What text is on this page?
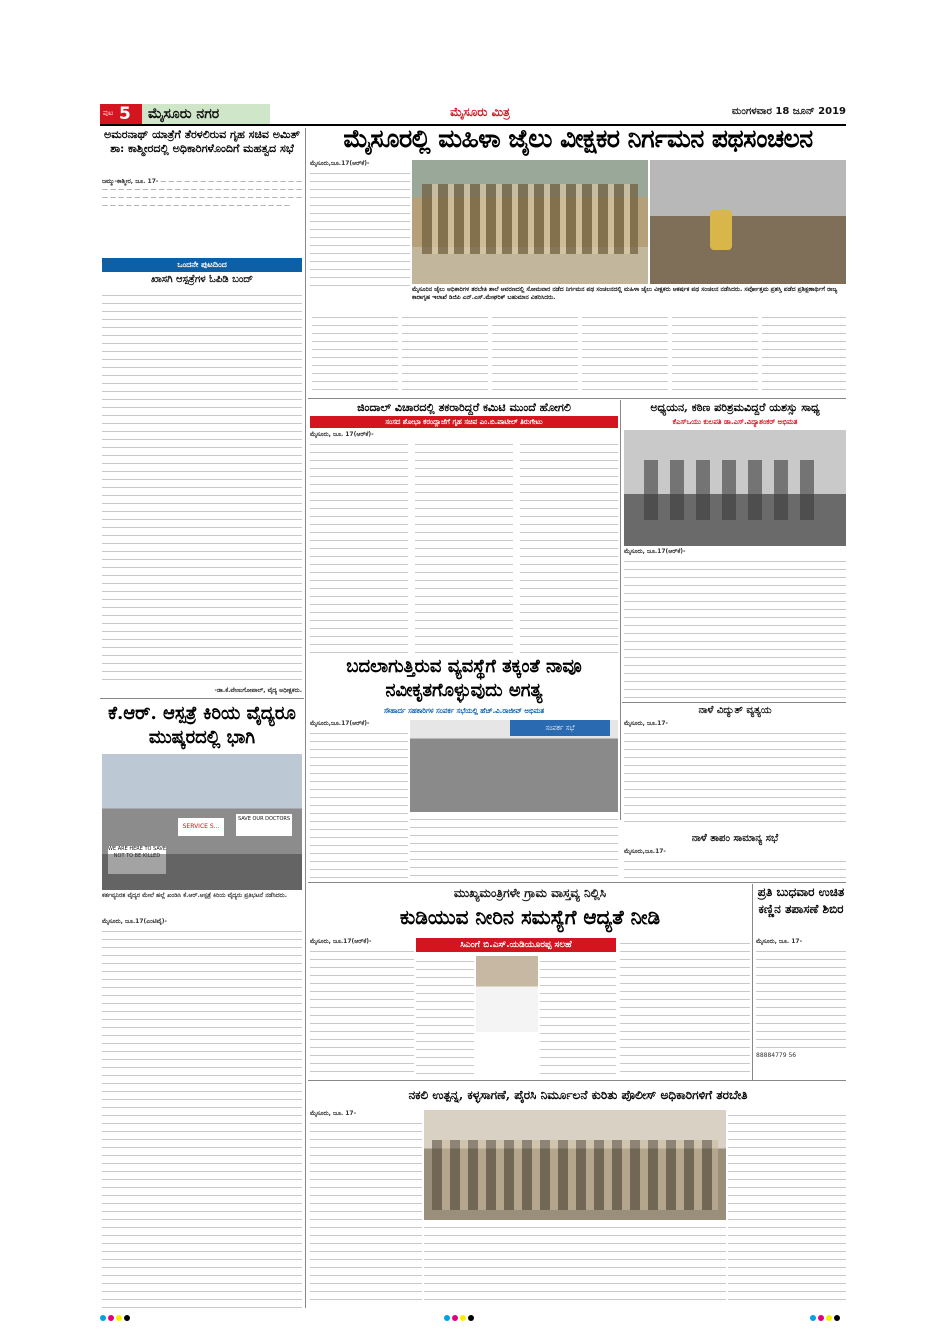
ಪುಟ 5	ಮೈಸೂರು ನಗರ	ಮೈಸೂರು ಮಿತ್ರ	ಮಂಗಳವಾರ 18 ಜೂನ್ 2019
ಅಮರನಾಥ್ ಯಾತ್ರೆಗೆ ತೆರಳಲಿರುವ ಗೃಹ ಸಚಿವ ಅಮಿತ್ ಶಾ: ಕಾಶ್ಮೀರದಲ್ಲಿ ಅಧಿಕಾರಿಗಳೊಂದಿಗೆ ಮಹತ್ವದ ಸಭೆ
ಜಮ್ಮು-ಕಾಶ್ಮೀರ, ಜೂ. 17- — — — — — — — — — — — — — — — — — — — — — — — — — — — — — — — — — — — — — — — — — — — — — — — — — — — — — — — — — — — — — — — — — — — — — — — — — — — — — — — — — — — — — — — — — — — —
ಒಂದನೇ ಪುಟದಿಂದ
ಖಾಸಗಿ ಆಸ್ಪತ್ರೆಗಳ ಓಪಿಡಿ ಬಂದ್
-ಡಾ.ಕೆ.ವೇಣುಗೋಪಾಲ್, ವೈದ್ಯ ಅಧೀಕ್ಷಕರು.
ಕೆ.ಆರ್. ಆಸ್ಪತ್ರೆ ಕಿರಿಯ ವೈದ್ಯರೂ ಮುಷ್ಕರದಲ್ಲಿ ಭಾಗಿ
SERVICE S...
SAVE OUR DOCTORS
WE ARE HERE TO SAVE NOT TO BE KILLED
ಕರ್ತವ್ಯನಿರತ ವೈದ್ಯರ ಮೇಲೆ ಹಲ್ಲೆ ಖಂಡಿಸಿ ಕೆ.ಆರ್.ಆಸ್ಪತ್ರೆ ಕಿರಿಯ ವೈದ್ಯರು ಪ್ರತಿಭಟನೆ ನಡೆಸಿದರು.
ಮೈಸೂರು, ಜೂ.17(ಎಂಟಿವೈ)-
ಮೈಸೂರಲ್ಲಿ ಮಹಿಳಾ ಜೈಲು ವೀಕ್ಷಕರ ನಿರ್ಗಮನ ಪಥಸಂಚಲನ
ಮೈಸೂರು,ಜೂ.17(ಆರ್‌ಕೆ)-
ಮೈಸೂರಿನ ಜೈಲು ಅಧಿಕಾರಿಗಳ ತರಬೇತಿ ಶಾಲೆ ಆವರಣದಲ್ಲಿ ಸೋಮವಾರ ನಡೆದ ನಿರ್ಗಮನ ಪಥ ಸಂಚಲನದಲ್ಲಿ ಮಹಿಳಾ ಜೈಲು ವೀಕ್ಷಕರು ಆಕರ್ಷಕ ಪಥ ಸಂಚಲನ ನಡೆಸಿದರು. ಸರ್ವೋತ್ತಮ ಪ್ರಶಸ್ತಿ ಪಡೆದ ಪ್ರಶಿಕ್ಷಣಾರ್ಥಿಗೆ ರಾಜ್ಯ ಕಾರಾಗೃಹ ಇಲಾಖೆ ಡಿಜಿಪಿ ಎನ್.ಎಸ್.ಮೇಘರಿಕ್ ಬಹುಮಾನ ವಿತರಿಸಿದರು.
ಜಿಂದಾಲ್ ವಿಚಾರದಲ್ಲಿ ತಕರಾರಿದ್ದರೆ ಕಮಿಟಿ ಮುಂದೆ ಹೋಗಲಿ
ಸಂಸದ ಶೋಭಾ ಕರಂದ್ಲಾಜೆಗೆ ಗೃಹ ಸಚಿವ ಎಂ.ಬಿ.ಪಾಟೀಲ್ ತಿರುಗೇಟು
ಮೈಸೂರು, ಜೂ. 17(ಆರ್‌ಕೆ)-
ಅಧ್ಯಯನ, ಕಠಿಣ ಪರಿಶ್ರಮವಿದ್ದರೆ ಯಶಸ್ಸು ಸಾಧ್ಯ
ಕೆಎಸ್‌ಒಯು ಕುಲಪತಿ ಡಾ.ಎಸ್.ವಿದ್ಯಾಶಂಕರ್ ಅಭಿಮತ
ಮೈಸೂರು, ಜೂ.17(ಆರ್‌ಕೆ)-
ಬದಲಾಗುತ್ತಿರುವ ವ್ಯವಸ್ಥೆಗೆ ತಕ್ಕಂತೆ ನಾವೂ ನವೀಕೃತಗೊಳ್ಳುವುದು ಅಗತ್ಯ
ಸೌಹಾರ್ದ ಸಹಕಾರಿಗಳ ಸಂಪರ್ಕ ಸಭೆಯಲ್ಲಿ ಹೆಚ್.ವಿ.ರಾಜೀವ್ ಅಭಿಮತ
ಮೈಸೂರು,ಜೂ.17(ಆರ್‌ಕೆ)-
ಸಂಪರ್ಕ ಸಭೆ
ನಾಳೆ ವಿದ್ಯುತ್ ವ್ಯತ್ಯಯ
ಮೈಸೂರು, ಜೂ.17-
ನಾಳೆ ತಾಪಂ ಸಾಮಾನ್ಯ ಸಭೆ
ಮೈಸೂರು,ಜೂ.17-
ಮುಖ್ಯಮಂತ್ರಿಗಳೇ ಗ್ರಾಮ ವಾಸ್ತವ್ಯ ನಿಲ್ಲಿಸಿ
ಕುಡಿಯುವ ನೀರಿನ ಸಮಸ್ಯೆಗೆ ಆದ್ಯತೆ ನೀಡಿ
ಮೈಸೂರು, ಜೂ.17(ಆರ್‌ಕೆ)-	ಸಿಎಂಗೆ ಬಿ.ಎಸ್.ಯಡಿಯೂರಪ್ಪ ಸಲಹೆ
ಪ್ರತಿ ಬುಧವಾರ ಉಚಿತ ಕಣ್ಣಿನ ತಪಾಸಣೆ ಶಿಬಿರ
ಮೈಸೂರು, ಜೂ. 17-
88884779 56
ನಕಲಿ ಉತ್ಪನ್ನ, ಕಳ್ಳಸಾಗಣೆ, ಪೈರಸಿ ನಿರ್ಮೂಲನೆ ಕುರಿತು ಪೊಲೀಸ್ ಅಧಿಕಾರಿಗಳಿಗೆ ತರಬೇತಿ
ಮೈಸೂರು, ಜೂ. 17-
